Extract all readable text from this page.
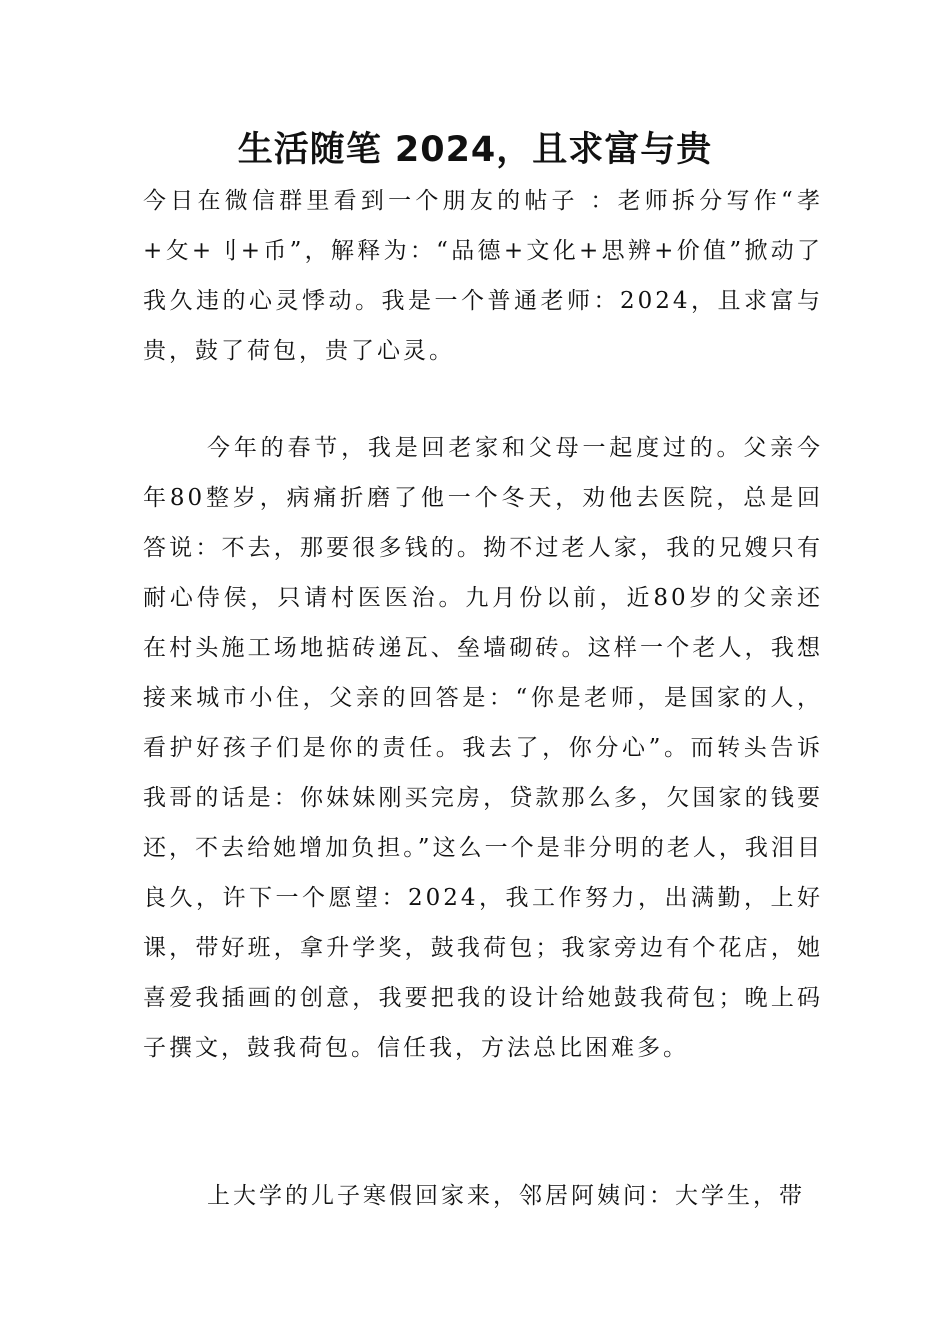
生活随笔 2024，且求富与贵

今日在微信群里看到一个朋友的帖子 ：老师拆分写作“孝+攵+刂+币”，解释为：“品德+文化+思辨+价值”掀动了我久违的心灵悸动。我是一个普通老师：2024，且求富与贵，鼓了荷包，贵了心灵。

今年的春节，我是回老家和父母一起度过的。父亲今年80整岁，病痛折磨了他一个冬天，劝他去医院，总是回答说：不去，那要很多钱的。拗不过老人家，我的兄嫂只有耐心侍侯，只请村医医治。九月份以前，近80岁的父亲还在村头施工场地掂砖递瓦、垒墙砌砖。这样一个老人，我想接来城市小住，父亲的回答是：“你是老师，是国家的人，看护好孩子们是你的责任。我去了，你分心”。而转头告诉我哥的话是：你妹妹刚买完房，贷款那么多，欠国家的钱要还，不去给她增加负担。”这么一个是非分明的老人，我泪目良久，许下一个愿望：2024，我工作努力，出满勤，上好课，带好班，拿升学奖，鼓我荷包；我家旁边有个花店，她喜爱我插画的创意，我要把我的设计给她鼓我荷包；晚上码子撰文，鼓我荷包。信任我，方法总比困难多。

上大学的儿子寒假回家来，邻居阿姨问：大学生，带
